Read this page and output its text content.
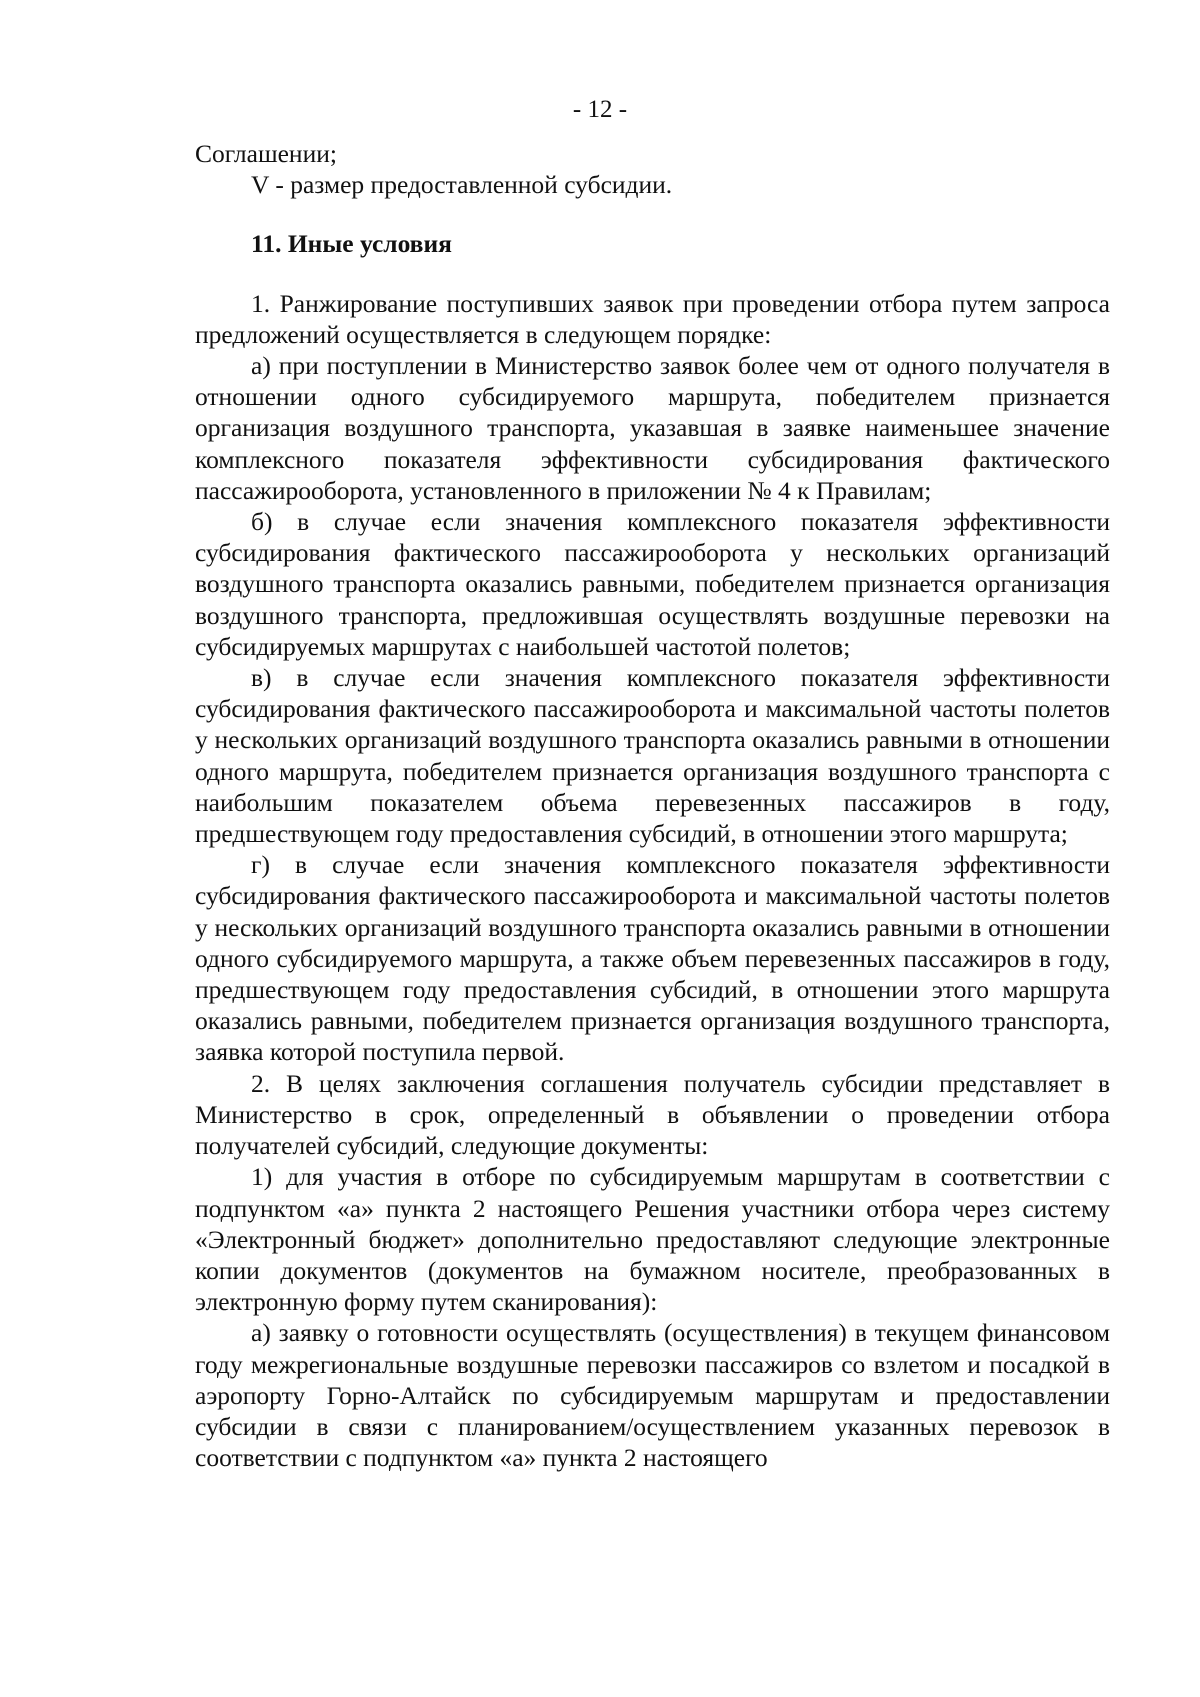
- 12 -

Соглашении;

V - размер предоставленной субсидии.

11. Иные условия

1. Ранжирование поступивших заявок при проведении отбора путем запроса предложений осуществляется в следующем порядке:

а) при поступлении в Министерство заявок более чем от одного получателя в отношении одного субсидируемого маршрута, победителем признается организация воздушного транспорта, указавшая в заявке наименьшее значение комплексного показателя эффективности субсидирования фактического пассажирооборота, установленного в приложении № 4 к Правилам;

б) в случае если значения комплексного показателя эффективности субсидирования фактического пассажирооборота у нескольких организаций воздушного транспорта оказались равными, победителем признается организация воздушного транспорта, предложившая осуществлять воздушные перевозки на субсидируемых маршрутах с наибольшей частотой полетов;

в) в случае если значения комплексного показателя эффективности субсидирования фактического пассажирооборота и максимальной частоты полетов у нескольких организаций воздушного транспорта оказались равными в отношении одного маршрута, победителем признается организация воздушного транспорта с наибольшим показателем объема перевезенных пассажиров в году, предшествующем году предоставления субсидий, в отношении этого маршрута;

г) в случае если значения комплексного показателя эффективности субсидирования фактического пассажирооборота и максимальной частоты полетов у нескольких организаций воздушного транспорта оказались равными в отношении одного субсидируемого маршрута, а также объем перевезенных пассажиров в году, предшествующем году предоставления субсидий, в отношении этого маршрута оказались равными, победителем признается организация воздушного транспорта, заявка которой поступила первой.

2. В целях заключения соглашения получатель субсидии представляет в Министерство в срок, определенный в объявлении о проведении отбора получателей субсидий, следующие документы:

1) для участия в отборе по субсидируемым маршрутам в соответствии с подпунктом «а» пункта 2 настоящего Решения участники отбора через систему «Электронный бюджет» дополнительно предоставляют следующие электронные копии документов (документов на бумажном носителе, преобразованных в электронную форму путем сканирования):

а) заявку о готовности осуществлять (осуществления) в текущем финансовом году межрегиональные воздушные перевозки пассажиров со взлетом и посадкой в аэропорту Горно-Алтайск по субсидируемым маршрутам и предоставлении субсидии в связи с планированием/осуществлением указанных перевозок в соответствии с подпунктом «а» пункта 2 настоящего
